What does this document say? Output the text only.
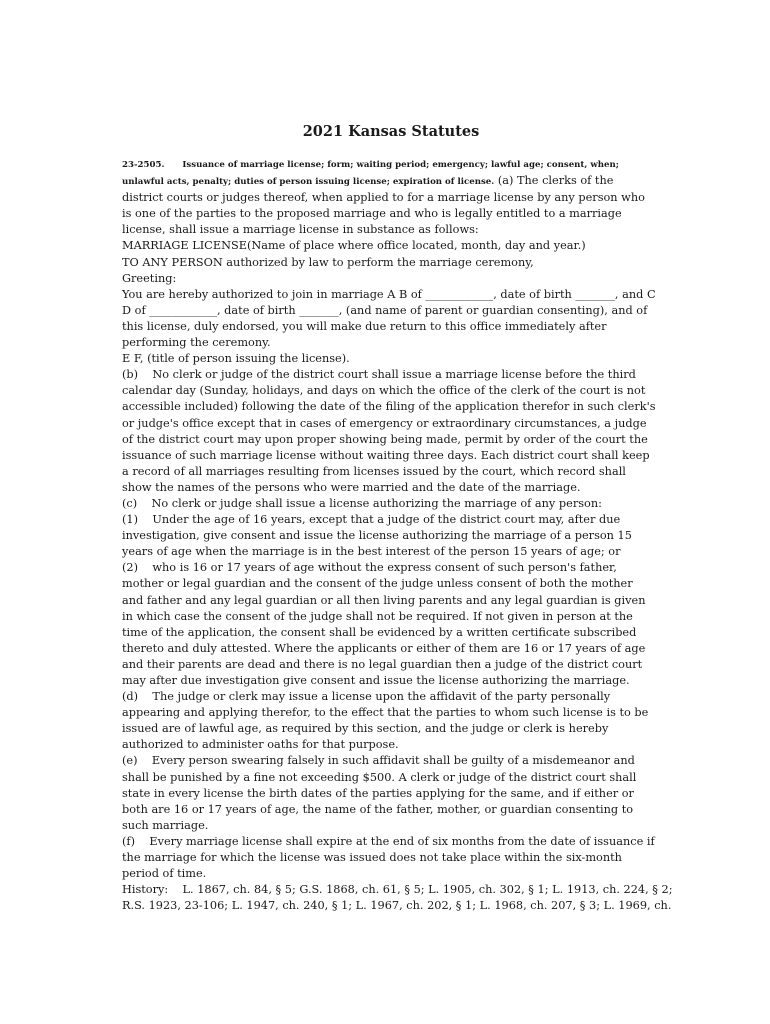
2021 Kansas Statutes
23-2505. Issuance of marriage license; form; waiting period; emergency; lawful age; consent, when;
unlawful acts, penalty; duties of person issuing license; expiration of license. (a) The clerks of the
district courts or judges thereof, when applied to for a marriage license by any person who
is one of the parties to the proposed marriage and who is legally entitled to a marriage
license, shall issue a marriage license in substance as follows:
MARRIAGE LICENSE(Name of place where office located, month, day and year.)
TO ANY PERSON authorized by law to perform the marriage ceremony,
Greeting:
You are hereby authorized to join in marriage A B of ____________, date of birth _______, and C
D of ____________, date of birth _______, (and name of parent or guardian consenting), and of
this license, duly endorsed, you will make due return to this office immediately after
performing the ceremony.
E F, (title of person issuing the license).
(b)    No clerk or judge of the district court shall issue a marriage license before the third
calendar day (Sunday, holidays, and days on which the office of the clerk of the court is not
accessible included) following the date of the filing of the application therefor in such clerk's
or judge's office except that in cases of emergency or extraordinary circumstances, a judge
of the district court may upon proper showing being made, permit by order of the court the
issuance of such marriage license without waiting three days. Each district court shall keep
a record of all marriages resulting from licenses issued by the court, which record shall
show the names of the persons who were married and the date of the marriage.
(c)    No clerk or judge shall issue a license authorizing the marriage of any person:
(1)    Under the age of 16 years, except that a judge of the district court may, after due
investigation, give consent and issue the license authorizing the marriage of a person 15
years of age when the marriage is in the best interest of the person 15 years of age; or
(2)    who is 16 or 17 years of age without the express consent of such person's father,
mother or legal guardian and the consent of the judge unless consent of both the mother
and father and any legal guardian or all then living parents and any legal guardian is given
in which case the consent of the judge shall not be required. If not given in person at the
time of the application, the consent shall be evidenced by a written certificate subscribed
thereto and duly attested. Where the applicants or either of them are 16 or 17 years of age
and their parents are dead and there is no legal guardian then a judge of the district court
may after due investigation give consent and issue the license authorizing the marriage.
(d)    The judge or clerk may issue a license upon the affidavit of the party personally
appearing and applying therefor, to the effect that the parties to whom such license is to be
issued are of lawful age, as required by this section, and the judge or clerk is hereby
authorized to administer oaths for that purpose.
(e)    Every person swearing falsely in such affidavit shall be guilty of a misdemeanor and
shall be punished by a fine not exceeding $500. A clerk or judge of the district court shall
state in every license the birth dates of the parties applying for the same, and if either or
both are 16 or 17 years of age, the name of the father, mother, or guardian consenting to
such marriage.
(f)    Every marriage license shall expire at the end of six months from the date of issuance if
the marriage for which the license was issued does not take place within the six-month
period of time.
History:    L. 1867, ch. 84, § 5; G.S. 1868, ch. 61, § 5; L. 1905, ch. 302, § 1; L. 1913, ch. 224, § 2;
R.S. 1923, 23-106; L. 1947, ch. 240, § 1; L. 1967, ch. 202, § 1; L. 1968, ch. 207, § 3; L. 1969, ch.
